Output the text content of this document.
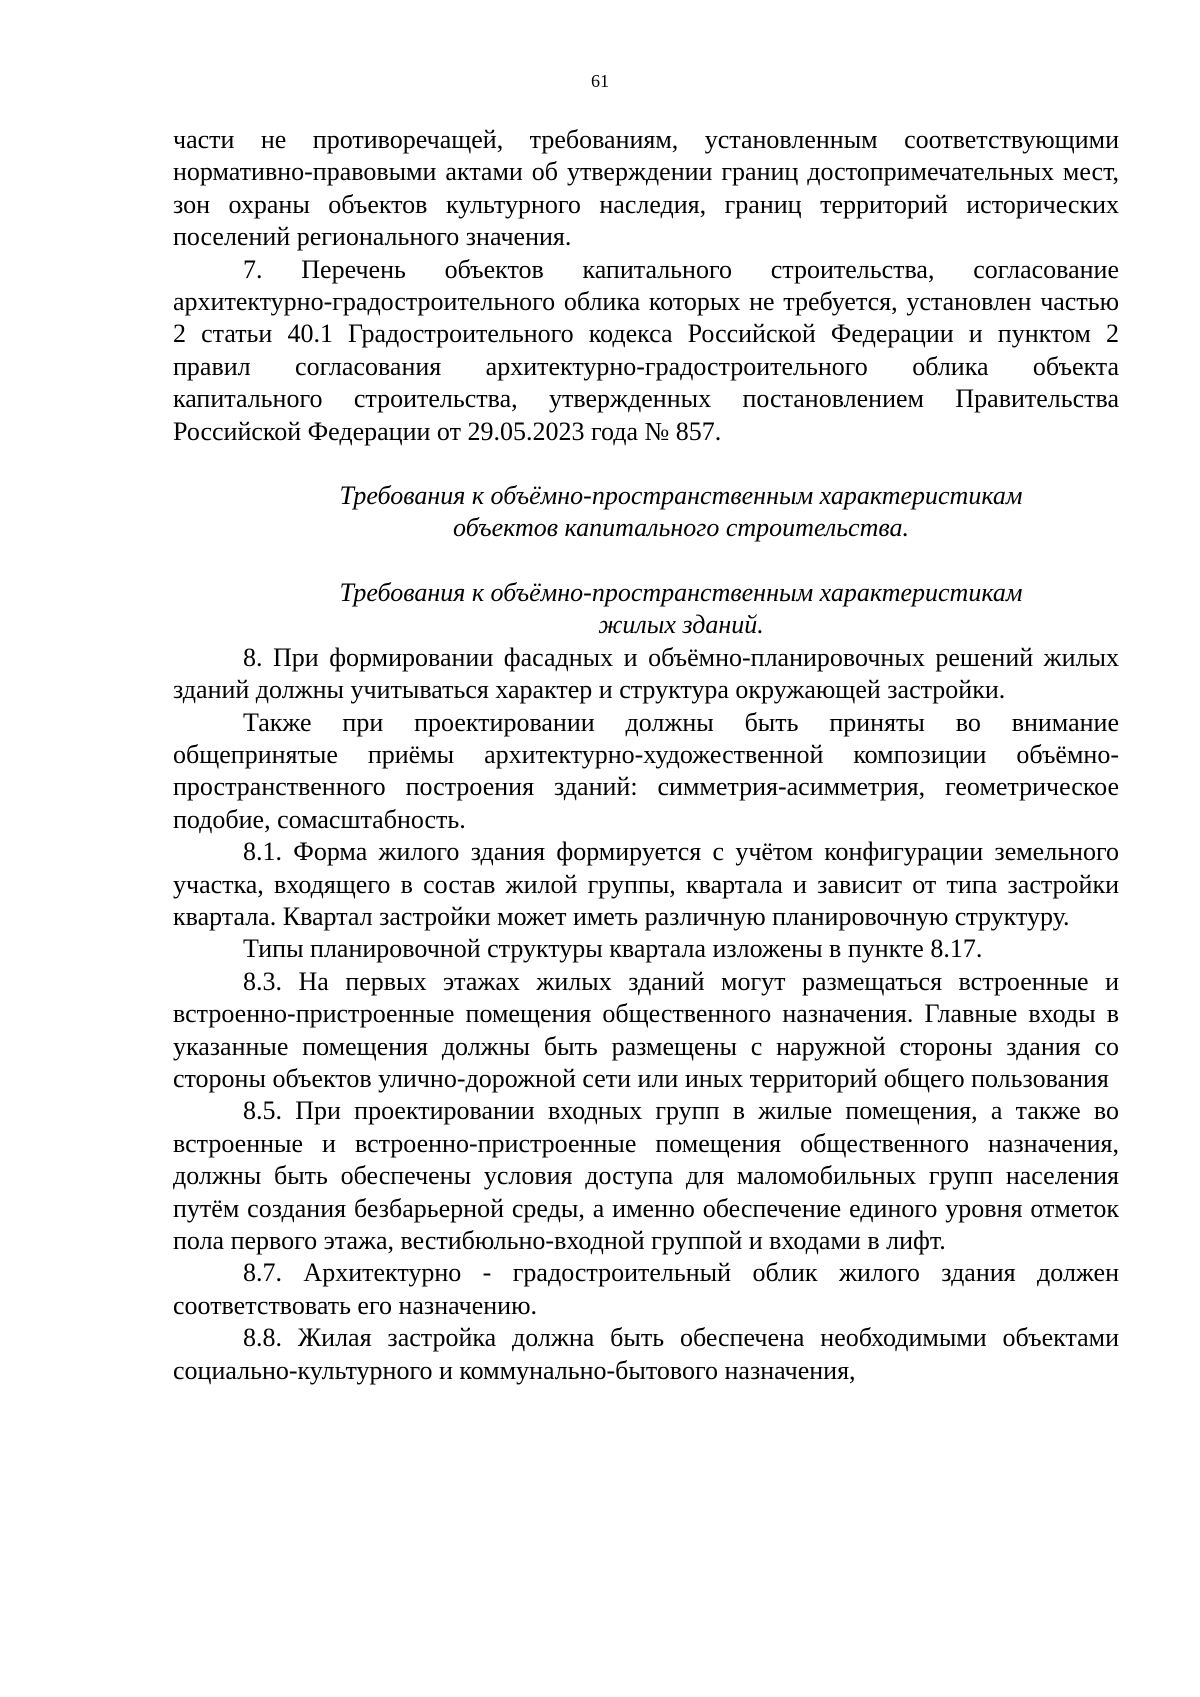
61

части не противоречащей, требованиям, установленным соответствующими нормативно-правовыми актами об утверждении границ достопримечательных мест, зон охраны объектов культурного наследия, границ территорий исторических поселений регионального значения.

7. Перечень объектов капитального строительства, согласование архитектурно-градостроительного облика которых не требуется, установлен частью 2 статьи 40.1 Градостроительного кодекса Российской Федерации и пунктом 2 правил согласования архитектурно-градостроительного облика объекта капитального строительства, утвержденных постановлением Правительства Российской Федерации от 29.05.2023 года № 857.

Требования к объёмно-пространственным характеристикам
объектов капитального строительства.
Требования к объёмно-пространственным характеристикам
жилых зданий.

8. При формировании фасадных и объёмно-планировочных решений жилых зданий должны учитываться характер и структура окружающей застройки.

Также при проектировании должны быть приняты во внимание общепринятые приёмы архитектурно-художественной композиции объёмно-пространственного построения зданий: симметрия-асимметрия, геометрическое подобие, сомасштабность.

8.1. Форма жилого здания формируется с учётом конфигурации земельного участка, входящего в состав жилой группы, квартала и зависит от типа застройки квартала. Квартал застройки может иметь различную планировочную структуру.

Типы планировочной структуры квартала изложены в пункте 8.17.

8.3. На первых этажах жилых зданий могут размещаться встроенные и встроенно-пристроенные помещения общественного назначения. Главные входы в указанные помещения должны быть размещены с наружной стороны здания со стороны объектов улично-дорожной сети или иных территорий общего пользования

8.5. При проектировании входных групп в жилые помещения, а также во встроенные и встроенно-пристроенные помещения общественного назначения, должны быть обеспечены условия доступа для маломобильных групп населения путём создания безбарьерной среды, а именно обеспечение единого уровня отметок пола первого этажа, вестибюльно-входной группой и входами в лифт.

8.7. Архитектурно - градостроительный облик жилого здания должен соответствовать его назначению.

8.8. Жилая застройка должна быть обеспечена необходимыми объектами социально-культурного и коммунально-бытового назначения,
